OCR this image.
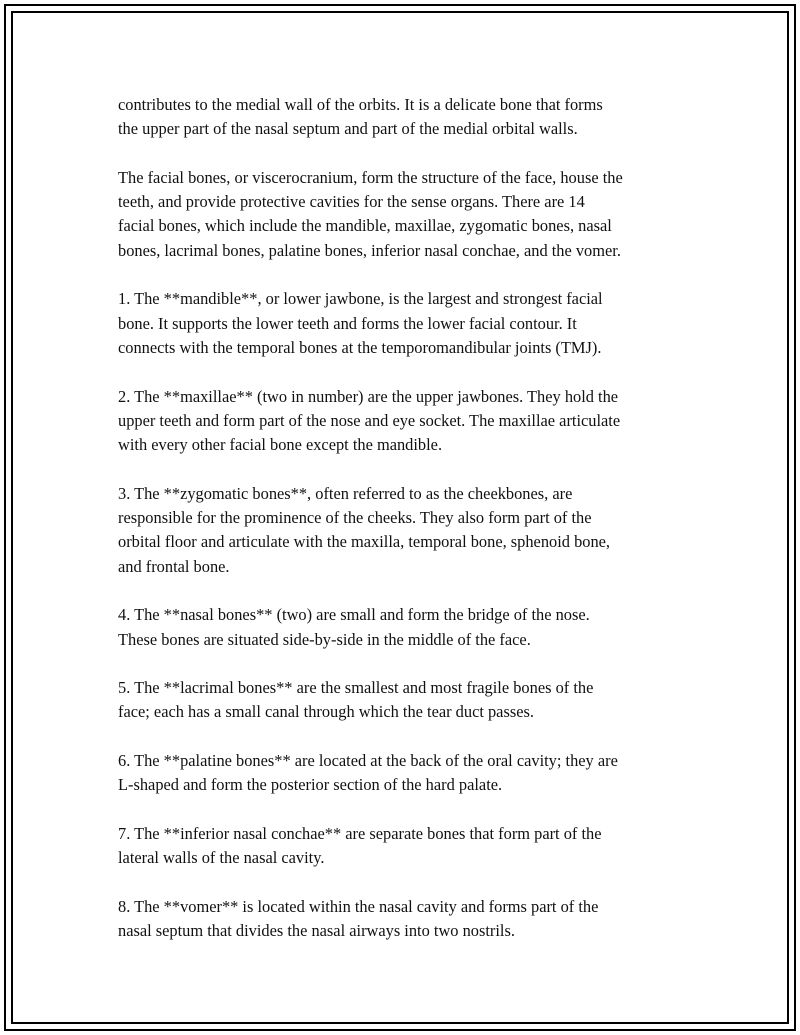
contributes to the medial wall of the orbits. It is a delicate bone that forms
the upper part of the nasal septum and part of the medial orbital walls.

The facial bones, or viscerocranium, form the structure of the face, house the
teeth, and provide protective cavities for the sense organs. There are 14
facial bones, which include the mandible, maxillae, zygomatic bones, nasal
bones, lacrimal bones, palatine bones, inferior nasal conchae, and the vomer.

1. The **mandible**, or lower jawbone, is the largest and strongest facial
bone. It supports the lower teeth and forms the lower facial contour. It
connects with the temporal bones at the temporomandibular joints (TMJ).

2. The **maxillae** (two in number) are the upper jawbones. They hold the
upper teeth and form part of the nose and eye socket. The maxillae articulate
with every other facial bone except the mandible.

3. The **zygomatic bones**, often referred to as the cheekbones, are
responsible for the prominence of the cheeks. They also form part of the
orbital floor and articulate with the maxilla, temporal bone, sphenoid bone,
and frontal bone.

4. The **nasal bones** (two) are small and form the bridge of the nose.
These bones are situated side-by-side in the middle of the face.

5. The **lacrimal bones** are the smallest and most fragile bones of the
face; each has a small canal through which the tear duct passes.

6. The **palatine bones** are located at the back of the oral cavity; they are
L-shaped and form the posterior section of the hard palate.

7. The **inferior nasal conchae** are separate bones that form part of the
lateral walls of the nasal cavity.

8. The **vomer** is located within the nasal cavity and forms part of the
nasal septum that divides the nasal airways into two nostrils.
